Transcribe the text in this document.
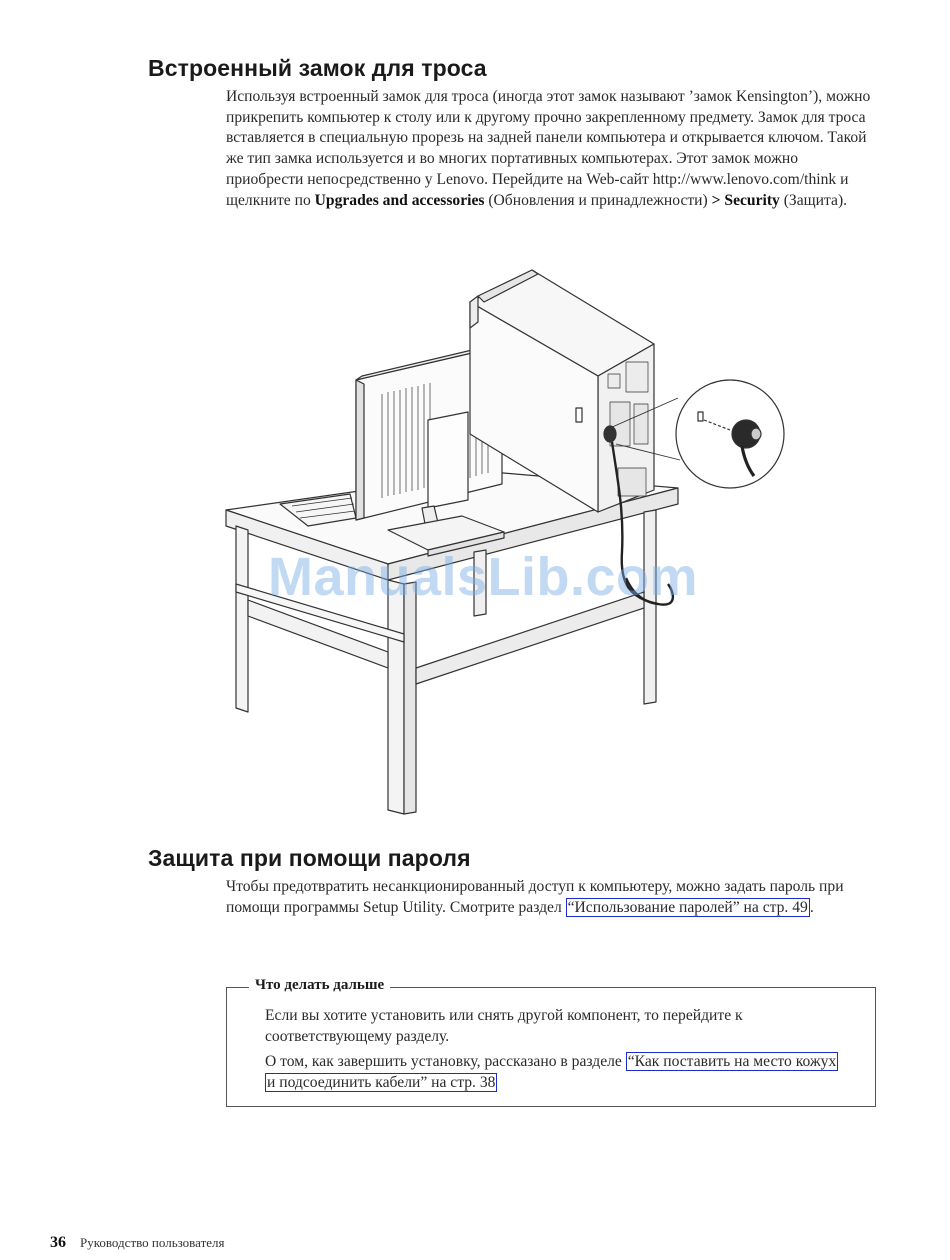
Встроенный замок для троса

Используя встроенный замок для троса (иногда этот замок называют ’замок Kensington’), можно прикрепить компьютер к столу или к другому прочно закрепленному предмету. Замок для троса вставляется в специальную прорезь на задней панели компьютера и открывается ключом. Такой же тип замка используется и во многих портативных компьютерах. Этот замок можно приобрести непосредственно у Lenovo. Перейдите на Web-сайт http://www.lenovo.com/think и щелкните по Upgrades and accessories (Обновления и принадлежности) > Security (Защита).

ManualsLib.com
Защита при помощи пароля

Чтобы предотвратить несанкционированный доступ к компьютеру, можно задать пароль при помощи программы Setup Utility. Смотрите раздел “Использование паролей” на стр. 49 .

Что делать дальше

Если вы хотите установить или снять другой компонент, то перейдите к соответствующему разделу.

О том, как завершить установку, рассказано в разделе “Как поставить на место кожух и подсоединить кабели” на стр. 38

36 Руководство пользователя
